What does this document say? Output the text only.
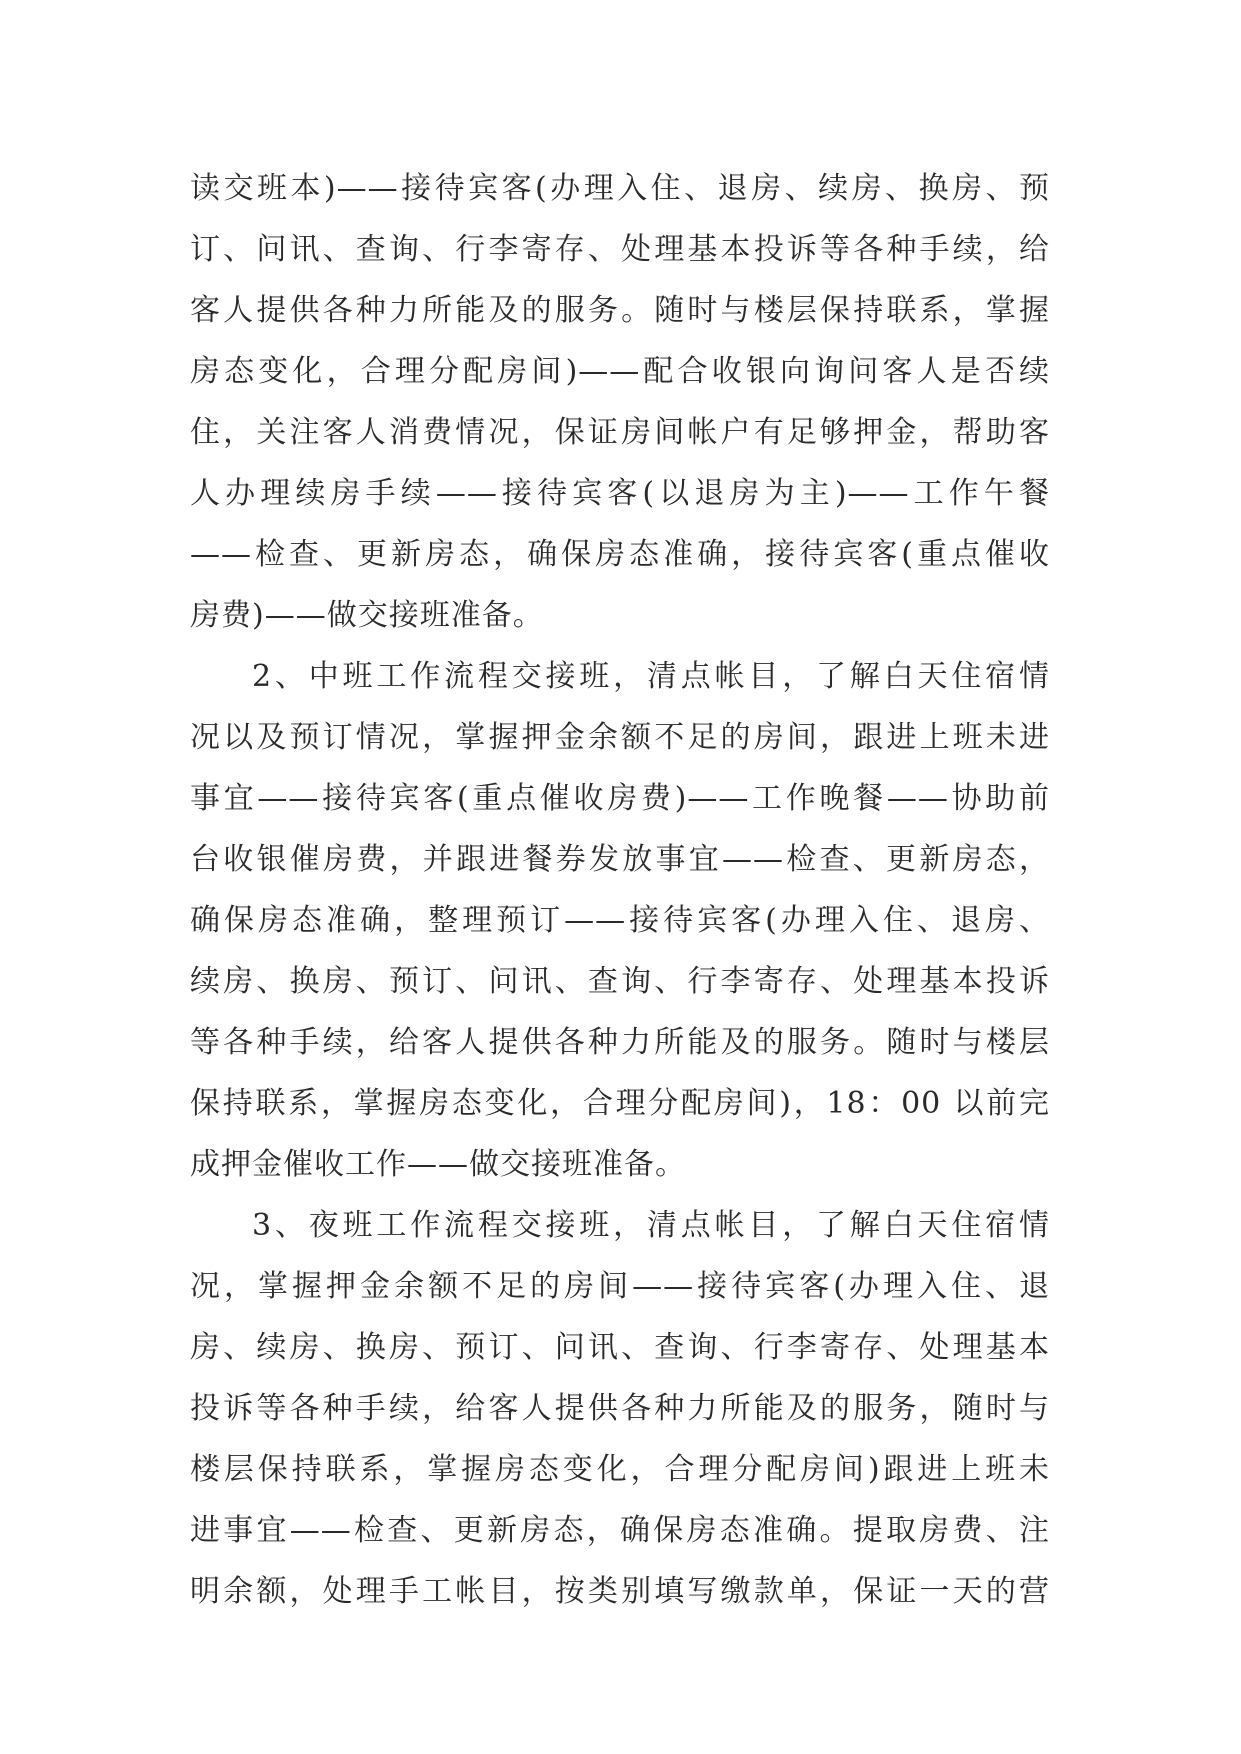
读交班本)——接待宾客(办理入住、退房、续房、换房、预
订、问讯、查询、行李寄存、处理基本投诉等各种手续，给
客人提供各种力所能及的服务。随时与楼层保持联系，掌握
房态变化，合理分配房间)——配合收银向询问客人是否续
住，关注客人消费情况，保证房间帐户有足够押金，帮助客
人办理续房手续——接待宾客(以退房为主)——工作午餐
——检查、更新房态，确保房态准确，接待宾客(重点催收
房费)——做交接班准备。
2、中班工作流程交接班，清点帐目，了解白天住宿情
况以及预订情况，掌握押金余额不足的房间，跟进上班未进
事宜——接待宾客(重点催收房费)——工作晚餐——协助前
台收银催房费，并跟进餐券发放事宜——检查、更新房态，
确保房态准确，整理预订——接待宾客(办理入住、退房、
续房、换房、预订、问讯、查询、行李寄存、处理基本投诉
等各种手续，给客人提供各种力所能及的服务。随时与楼层
保持联系，掌握房态变化，合理分配房间)，18：00 以前完
成押金催收工作——做交接班准备。
3、夜班工作流程交接班，清点帐目，了解白天住宿情
况，掌握押金余额不足的房间——接待宾客(办理入住、退
房、续房、换房、预订、问讯、查询、行李寄存、处理基本
投诉等各种手续，给客人提供各种力所能及的服务，随时与
楼层保持联系，掌握房态变化，合理分配房间)跟进上班未
进事宜——检查、更新房态，确保房态准确。提取房费、注
明余额，处理手工帐目，按类别填写缴款单，保证一天的营
